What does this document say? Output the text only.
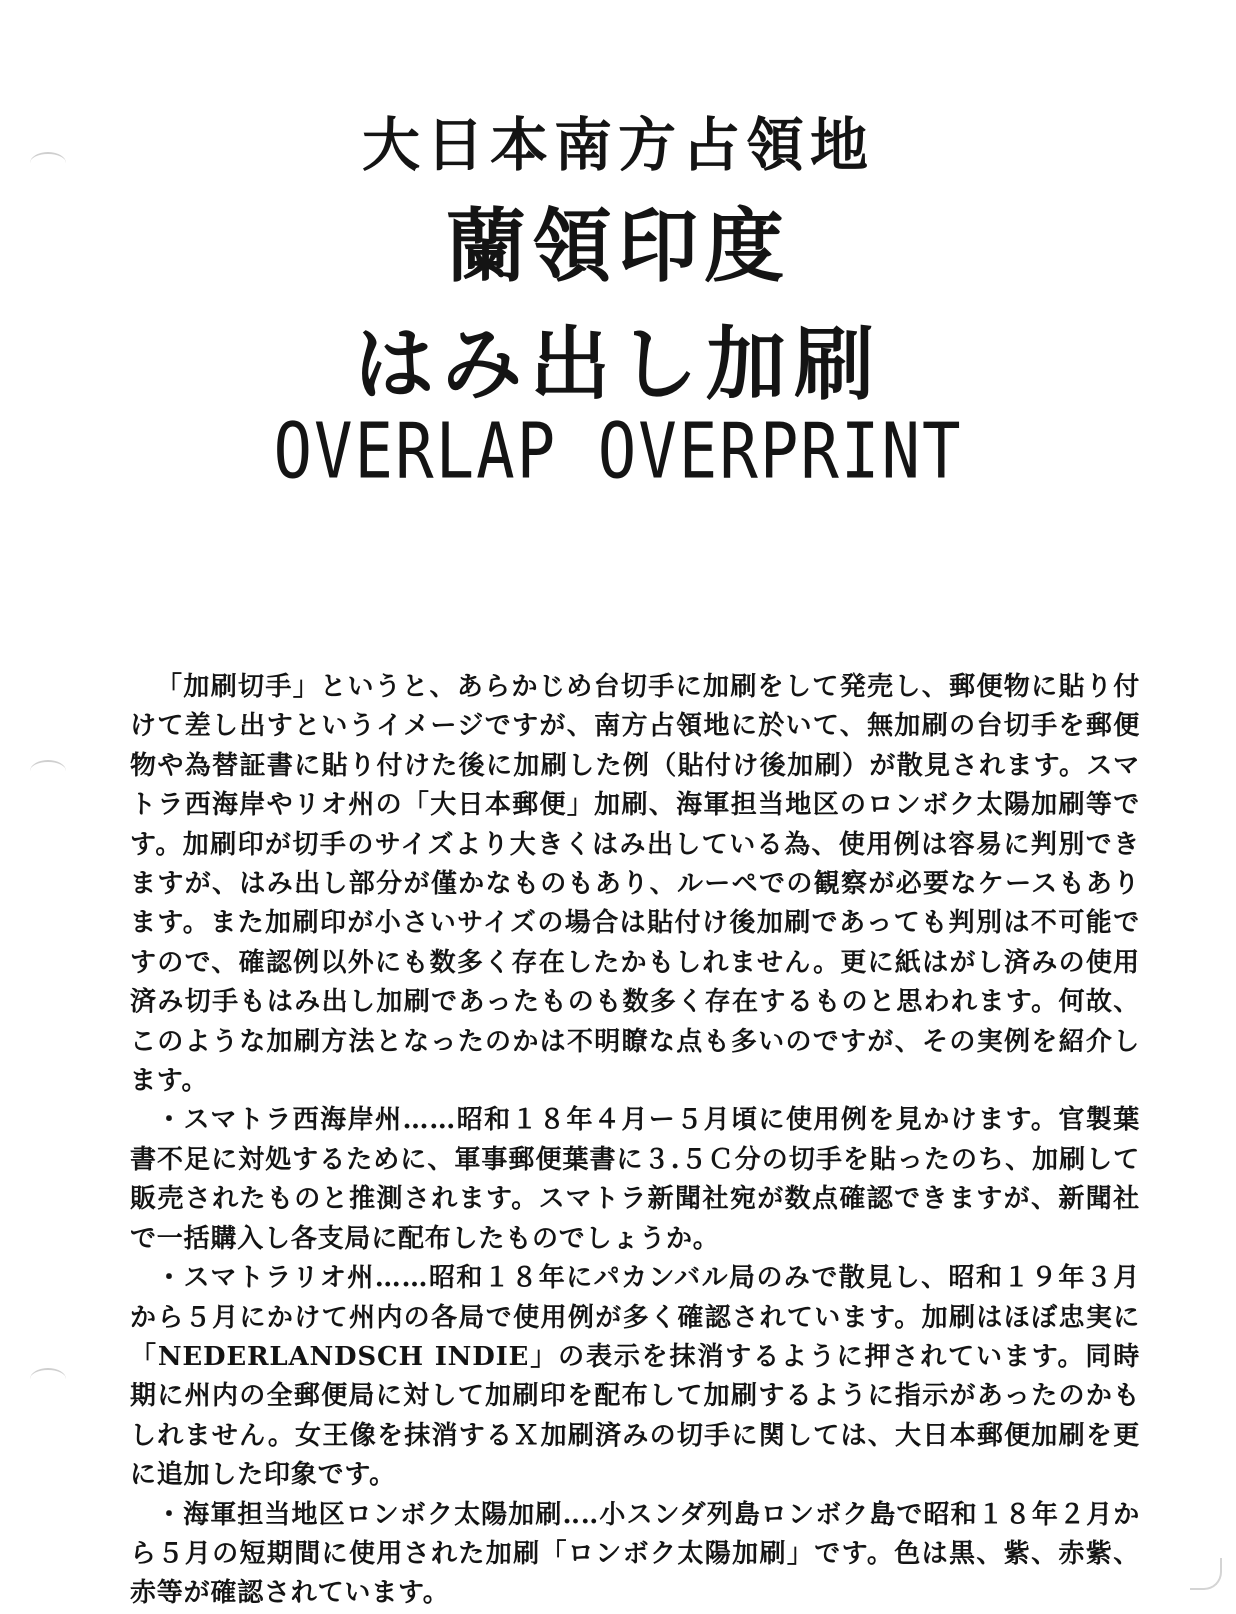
大日本南方占領地
蘭領印度
はみ出し加刷
OVERLAP OVERPRINT

「加刷切手」というと、あらかじめ台切手に加刷をして発売し、郵便物に貼り付けて差し出すというイメージですが、南方占領地に於いて、無加刷の台切手を郵便物や為替証書に貼り付けた後に加刷した例（貼付け後加刷）が散見されます。スマトラ西海岸やリオ州の「大日本郵便」加刷、海軍担当地区のロンボク太陽加刷等です。加刷印が切手のサイズより大きくはみ出している為、使用例は容易に判別できますが、はみ出し部分が僅かなものもあり、ルーペでの観察が必要なケースもあります。また加刷印が小さいサイズの場合は貼付け後加刷であっても判別は不可能ですので、確認例以外にも数多く存在したかもしれません。更に紙はがし済みの使用済み切手もはみ出し加刷であったものも数多く存在するものと思われます。何故、このような加刷方法となったのかは不明瞭な点も多いのですが、その実例を紹介します。

・スマトラ西海岸州……昭和１８年４月ー５月頃に使用例を見かけます。官製葉書不足に対処するために、軍事郵便葉書に３.５Ｃ分の切手を貼ったのち、加刷して販売されたものと推測されます。スマトラ新聞社宛が数点確認できますが、新聞社で一括購入し各支局に配布したものでしょうか。

・スマトラリオ州……昭和１８年にパカンバル局のみで散見し、昭和１９年３月から５月にかけて州内の各局で使用例が多く確認されています。加刷はほぼ忠実に「NEDERLANDSCH INDIE」の表示を抹消するように押されています。同時期に州内の全郵便局に対して加刷印を配布して加刷するように指示があったのかもしれません。女王像を抹消するＸ加刷済みの切手に関しては、大日本郵便加刷を更に追加した印象です。

・海軍担当地区ロンボク太陽加刷‥‥小スンダ列島ロンボク島で昭和１８年２月から５月の短期間に使用された加刷「ロンボク太陽加刷」です。色は黒、紫、赤紫、赤等が確認されています。
